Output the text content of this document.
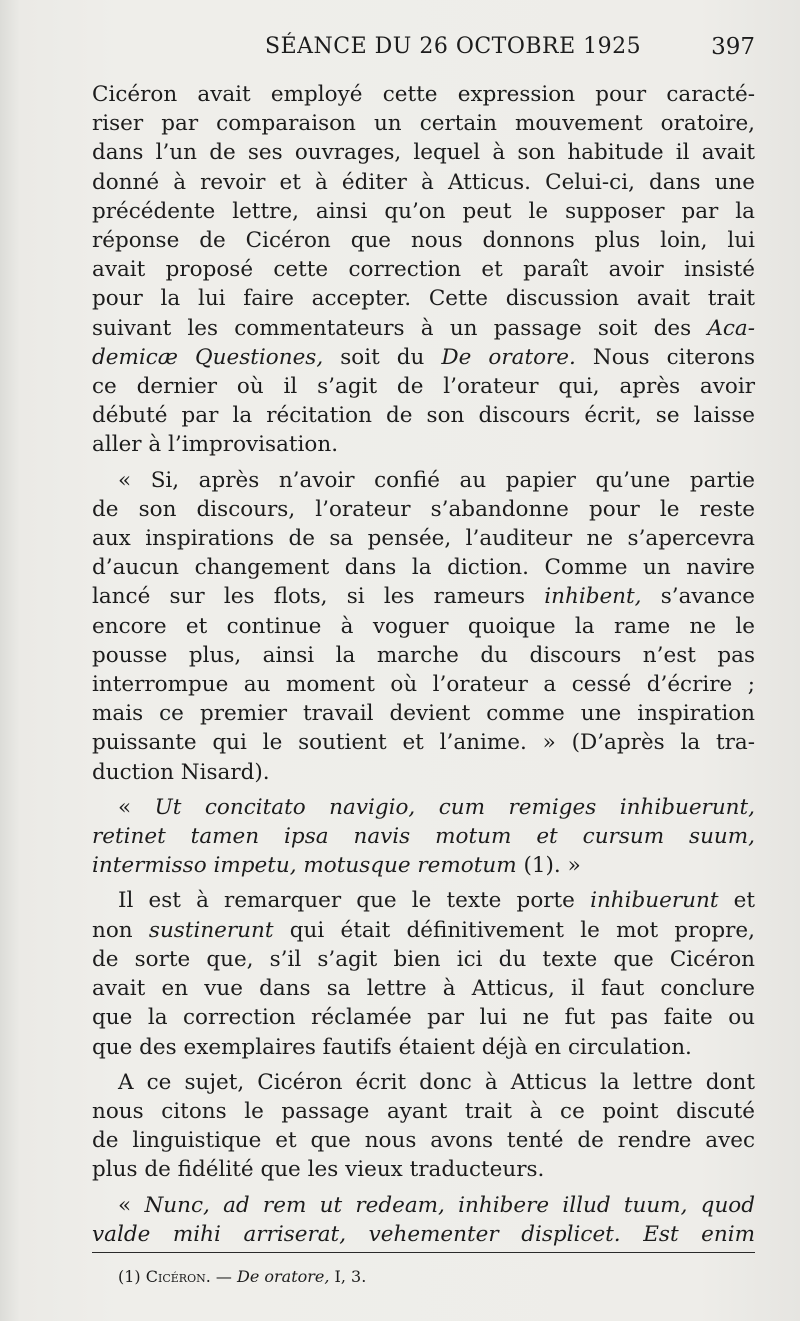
SÉANCE DU 26 OCTOBRE 1925	397
Cicéron avait employé cette expression pour caracté-
riser par comparaison un certain mouvement oratoire,
dans l’un de ses ouvrages, lequel à son habitude il avait
donné à revoir et à éditer à Atticus. Celui-ci, dans une
précédente lettre, ainsi qu’on peut le supposer par la
réponse de Cicéron que nous donnons plus loin, lui
avait proposé cette correction et paraît avoir insisté
pour la lui faire accepter. Cette discussion avait trait
suivant les commentateurs à un passage soit des Aca-
demicæ Questiones, soit du De oratore. Nous citerons
ce dernier où il s’agit de l’orateur qui, après avoir
débuté par la récitation de son discours écrit, se laisse
aller à l’improvisation.
« Si, après n’avoir confié au papier qu’une partie
de son discours, l’orateur s’abandonne pour le reste
aux inspirations de sa pensée, l’auditeur ne s’apercevra
d’aucun changement dans la diction. Comme un navire
lancé sur les flots, si les rameurs inhibent, s’avance
encore et continue à voguer quoique la rame ne le
pousse plus, ainsi la marche du discours n’est pas
interrompue au moment où l’orateur a cessé d’écrire ;
mais ce premier travail devient comme une inspiration
puissante qui le soutient et l’anime. » (D’après la tra-
duction Nisard).
« Ut concitato navigio, cum remiges inhibuerunt,
retinet tamen ipsa navis motum et cursum suum,
intermisso impetu, motusque remotum (1). »
Il est à remarquer que le texte porte inhibuerunt et
non sustinerunt qui était définitivement le mot propre,
de sorte que, s’il s’agit bien ici du texte que Cicéron
avait en vue dans sa lettre à Atticus, il faut conclure
que la correction réclamée par lui ne fut pas faite ou
que des exemplaires fautifs étaient déjà en circulation.
A ce sujet, Cicéron écrit donc à Atticus la lettre dont
nous citons le passage ayant trait à ce point discuté
de linguistique et que nous avons tenté de rendre avec
plus de fidélité que les vieux traducteurs.
« Nunc, ad rem ut redeam, inhibere illud tuum, quod
valde mihi arriserat, vehementer displicet. Est enim
(1) Cicéron. — De oratore, I, 3.
